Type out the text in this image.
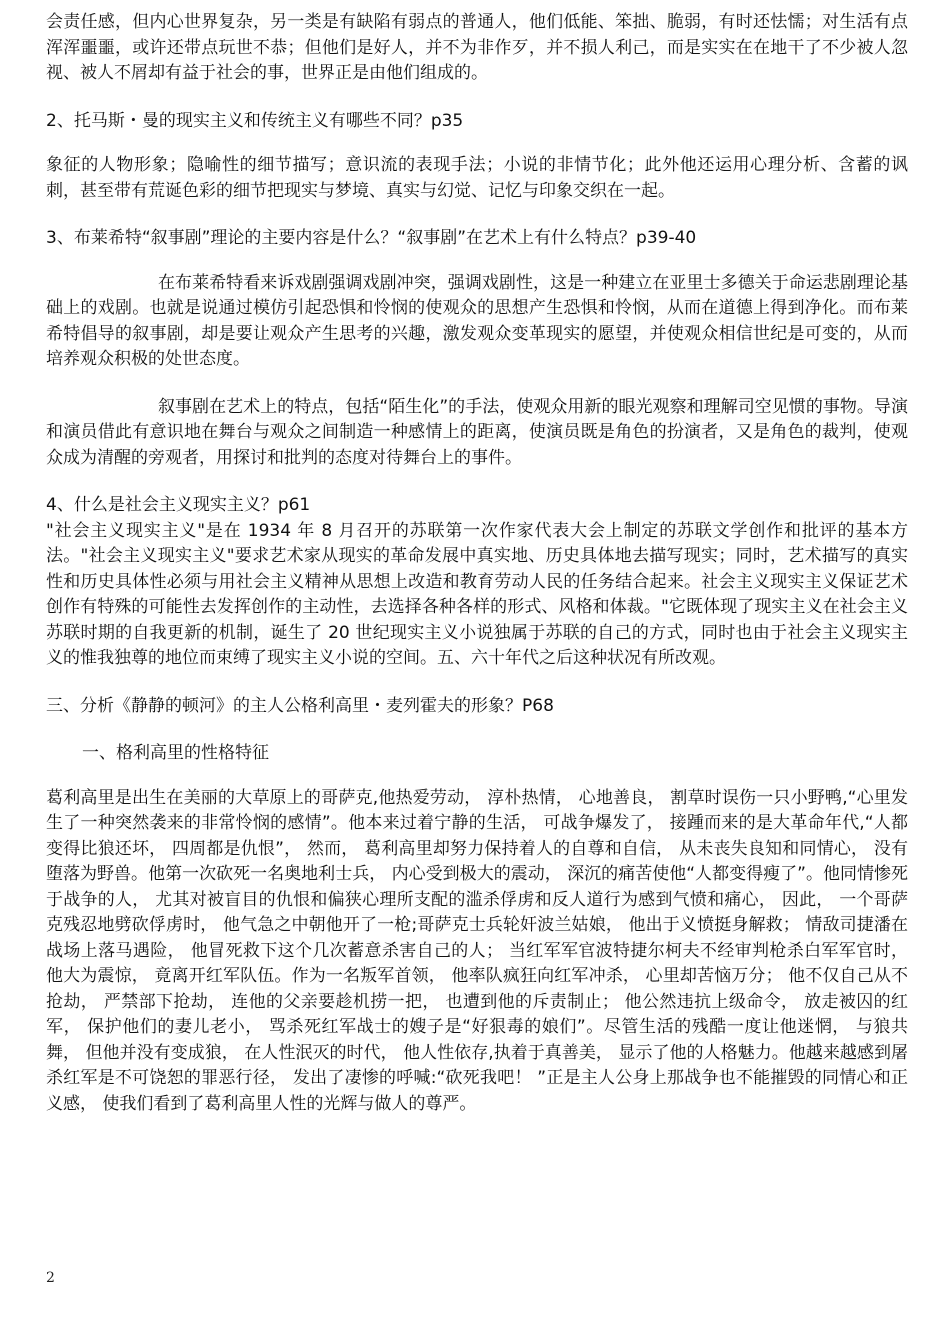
会责任感，但内心世界复杂，另一类是有缺陷有弱点的普通人，他们低能、笨拙、脆弱，有时还怯懦；对生活有点浑浑噩噩，或许还带点玩世不恭；但他们是好人，并不为非作歹，并不损人利己，而是实实在在地干了不少被人忽视、被人不屑却有益于社会的事，世界正是由他们组成的。

2、托马斯・曼的现实主义和传统主义有哪些不同？p35

象征的人物形象；隐喻性的细节描写；意识流的表现手法；小说的非情节化；此外他还运用心理分析、含蓄的讽刺，甚至带有荒诞色彩的细节把现实与梦境、真实与幻觉、记忆与印象交织在一起。

3、布莱希特“叙事剧”理论的主要内容是什么？“叙事剧”在艺术上有什么特点？p39-40

在布莱希特看来诉戏剧强调戏剧冲突，强调戏剧性，这是一种建立在亚里士多德关于命运悲剧理论基础上的戏剧。也就是说通过模仿引起恐惧和怜悯的使观众的思想产生恐惧和怜悯，从而在道德上得到净化。而布莱希特倡导的叙事剧，却是要让观众产生思考的兴趣，激发观众变革现实的愿望，并使观众相信世纪是可变的，从而培养观众积极的处世态度。

叙事剧在艺术上的特点，包括“陌生化”的手法，使观众用新的眼光观察和理解司空见惯的事物。导演和演员借此有意识地在舞台与观众之间制造一种感情上的距离，使演员既是角色的扮演者，又是角色的裁判，使观众成为清醒的旁观者，用探讨和批判的态度对待舞台上的事件。

4、什么是社会主义现实主义？p61

"社会主义现实主义"是在 1934 年 8 月召开的苏联第一次作家代表大会上制定的苏联文学创作和批评的基本方法。"社会主义现实主义"要求艺术家从现实的革命发展中真实地、历史具体地去描写现实；同时，艺术描写的真实性和历史具体性必须与用社会主义精神从思想上改造和教育劳动人民的任务结合起来。社会主义现实主义保证艺术创作有特殊的可能性去发挥创作的主动性，去选择各种各样的形式、风格和体裁。"它既体现了现实主义在社会主义苏联时期的自我更新的机制，诞生了 20 世纪现实主义小说独属于苏联的自己的方式，同时也由于社会主义现实主义的惟我独尊的地位而束缚了现实主义小说的空间。五、六十年代之后这种状况有所改观。

三、分析《静静的顿河》的主人公格利高里・麦列霍夫的形象？P68

一、格利高里的性格特征

葛利高里是出生在美丽的大草原上的哥萨克,他热爱劳动， 淳朴热情， 心地善良， 割草时误伤一只小野鸭,“心里发生了一种突然袭来的非常怜悯的感情”。他本来过着宁静的生活， 可战争爆发了， 接踵而来的是大革命年代,“人都变得比狼还坏， 四周都是仇恨”， 然而， 葛利高里却努力保持着人的自尊和自信， 从未丧失良知和同情心， 没有堕落为野兽。他第一次砍死一名奥地利士兵， 内心受到极大的震动， 深沉的痛苦使他“人都变得瘦了”。他同情惨死于战争的人， 尤其对被盲目的仇恨和偏狭心理所支配的滥杀俘虏和反人道行为感到气愤和痛心， 因此， 一个哥萨克残忍地劈砍俘虏时， 他气急之中朝他开了一枪;哥萨克士兵轮奸波兰姑娘， 他出于义愤挺身解救； 情敌司捷潘在战场上落马遇险， 他冒死救下这个几次蓄意杀害自己的人； 当红军军官波特捷尔柯夫不经审判枪杀白军军官时， 他大为震惊， 竟离开红军队伍。作为一名叛军首领， 他率队疯狂向红军冲杀， 心里却苦恼万分； 他不仅自己从不抢劫， 严禁部下抢劫， 连他的父亲要趁机捞一把， 也遭到他的斥责制止； 他公然违抗上级命令， 放走被囚的红军， 保护他们的妻儿老小， 骂杀死红军战士的嫂子是“好狠毒的娘们”。尽管生活的残酷一度让他迷惘， 与狼共舞， 但他并没有变成狼， 在人性泯灭的时代， 他人性依存,执着于真善美， 显示了他的人格魅力。他越来越感到屠杀红军是不可饶恕的罪恶行径， 发出了凄惨的呼喊:“砍死我吧！ ”正是主人公身上那战争也不能摧毁的同情心和正义感， 使我们看到了葛利高里人性的光辉与做人的尊严。

2
